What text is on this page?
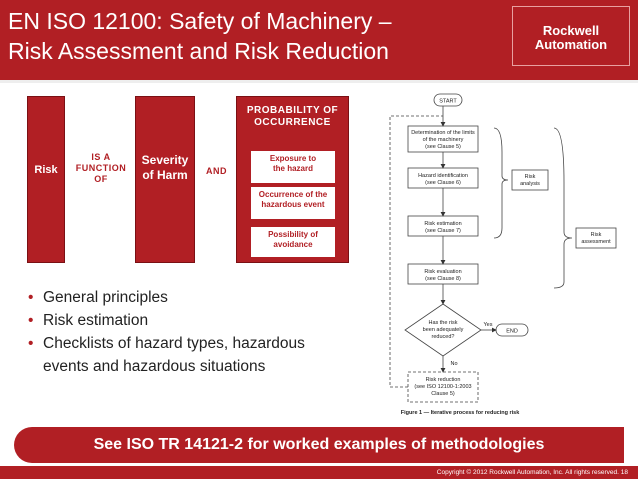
EN ISO 12100: Safety of Machinery –
Risk Assessment and Risk Reduction
Rockwell
Automation
Risk
IS A
FUNCTION
OF
Severity
of Harm	AND
PROBABILITY OF
OCCURRENCE
Exposure to
the hazard
Occurrence of the
hazardous event
Possibility of
avoidance
• General principles
• Risk estimation
• Checklists of hazard types, hazardous events and hazardous situations
START
Determination of the limits
of the machinery
(see Clause 5)
Hazard identification
(see Clause 6)
Risk estimation
(see Clause 7)
Risk evaluation
(see Clause 8)
Has the risk
been adequately
reduced?
Yes
END
No
Risk reduction
(see ISO 12100-1:2003
Clause 5)
Risk
analysis
Risk
assessment
Figure 1 — Iterative process for reducing risk
See ISO TR 14121-2 for worked examples of methodologies
Copyright © 2012 Rockwell Automation, Inc. All rights reserved. 18
